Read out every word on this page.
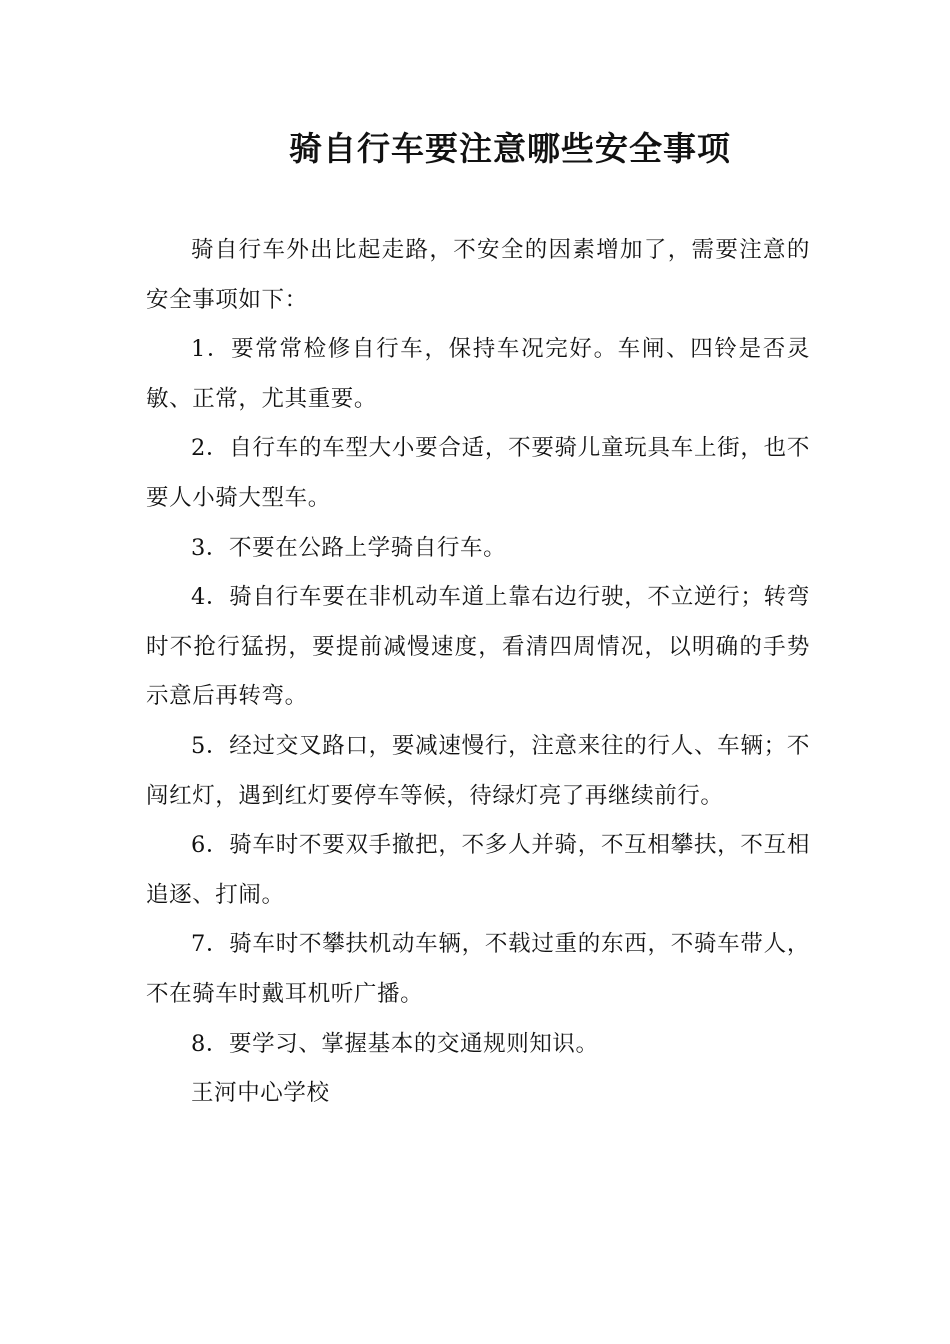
骑自行车要注意哪些安全事项

骑自行车外出比起走路，不安全的因素增加了，需要注意的安全事项如下：

1．要常常检修自行车，保持车况完好。车闸、四铃是否灵敏、正常，尤其重要。

2．自行车的车型大小要合适，不要骑儿童玩具车上街，也不要人小骑大型车。

3．不要在公路上学骑自行车。

4．骑自行车要在非机动车道上靠右边行驶，不立逆行；转弯时不抢行猛拐，要提前减慢速度，看清四周情况，以明确的手势示意后再转弯。

5．经过交叉路口，要减速慢行，注意来往的行人、车辆；不闯红灯，遇到红灯要停车等候，待绿灯亮了再继续前行。

6．骑车时不要双手撤把，不多人并骑，不互相攀扶，不互相追逐、打闹。

7．骑车时不攀扶机动车辆，不载过重的东西，不骑车带人，不在骑车时戴耳机听广播。

8．要学习、掌握基本的交通规则知识。

王河中心学校
